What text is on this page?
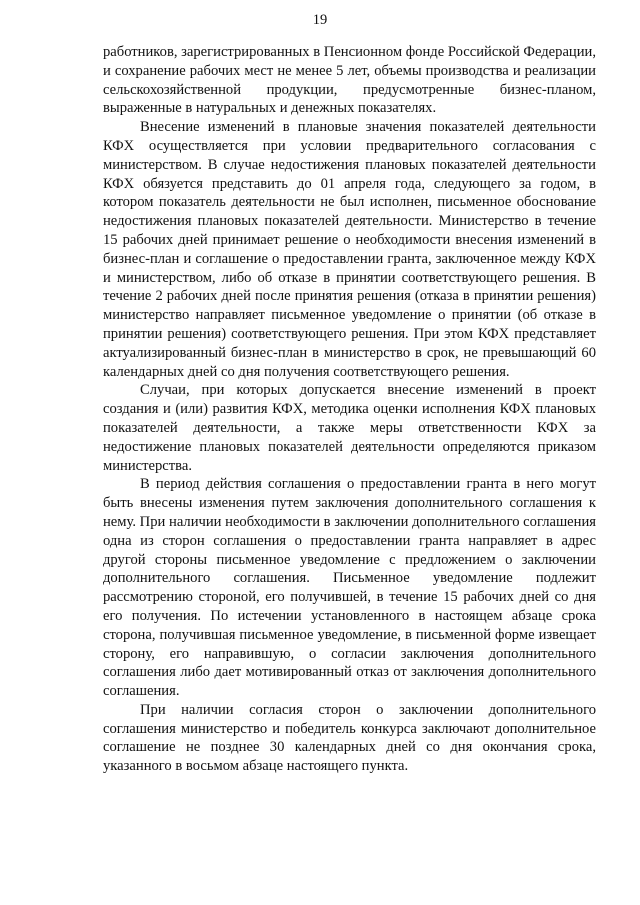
19

работников, зарегистрированных в Пенсионном фонде Российской Федерации, и сохранение рабочих мест не менее 5 лет, объемы производства и реализации сельскохозяйственной продукции, предусмотренные бизнес-планом, выраженные в натуральных и денежных показателях.

Внесение изменений в плановые значения показателей деятельности КФХ осуществляется при условии предварительного согласования с министерством. В случае недостижения плановых показателей деятельности КФХ обязуется представить до 01 апреля года, следующего за годом, в котором показатель деятельности не был исполнен, письменное обоснование недостижения плановых показателей деятельности. Министерство в течение 15 рабочих дней принимает решение о необходимости внесения изменений в бизнес-план и соглашение о предоставлении гранта, заключенное между КФХ и министерством, либо об отказе в принятии соответствующего решения. В течение 2 рабочих дней после принятия решения (отказа в принятии решения) министерство направляет письменное уведомление о принятии (об отказе в принятии решения) соответствующего решения. При этом КФХ представляет актуализированный бизнес-план в министерство в срок, не превышающий 60 календарных дней со дня получения соответствующего решения.

Случаи, при которых допускается внесение изменений в проект создания и (или) развития КФХ, методика оценки исполнения КФХ плановых показателей деятельности, а также меры ответственности КФХ за недостижение плановых показателей деятельности определяются приказом министерства.

В период действия соглашения о предоставлении гранта в него могут быть внесены изменения путем заключения дополнительного соглашения к нему. При наличии необходимости в заключении дополнительного соглашения одна из сторон соглашения о предоставлении гранта направляет в адрес другой стороны письменное уведомление с предложением о заключении дополнительного соглашения. Письменное уведомление подлежит рассмотрению стороной, его получившей, в течение 15 рабочих дней со дня его получения. По истечении установленного в настоящем абзаце срока сторона, получившая письменное уведомление, в письменной форме извещает сторону, его направившую, о согласии заключения дополнительного соглашения либо дает мотивированный отказ от заключения дополнительного соглашения.

При наличии согласия сторон о заключении дополнительного соглашения министерство и победитель конкурса заключают дополнительное соглашение не позднее 30 календарных дней со дня окончания срока, указанного в восьмом абзаце настоящего пункта.
